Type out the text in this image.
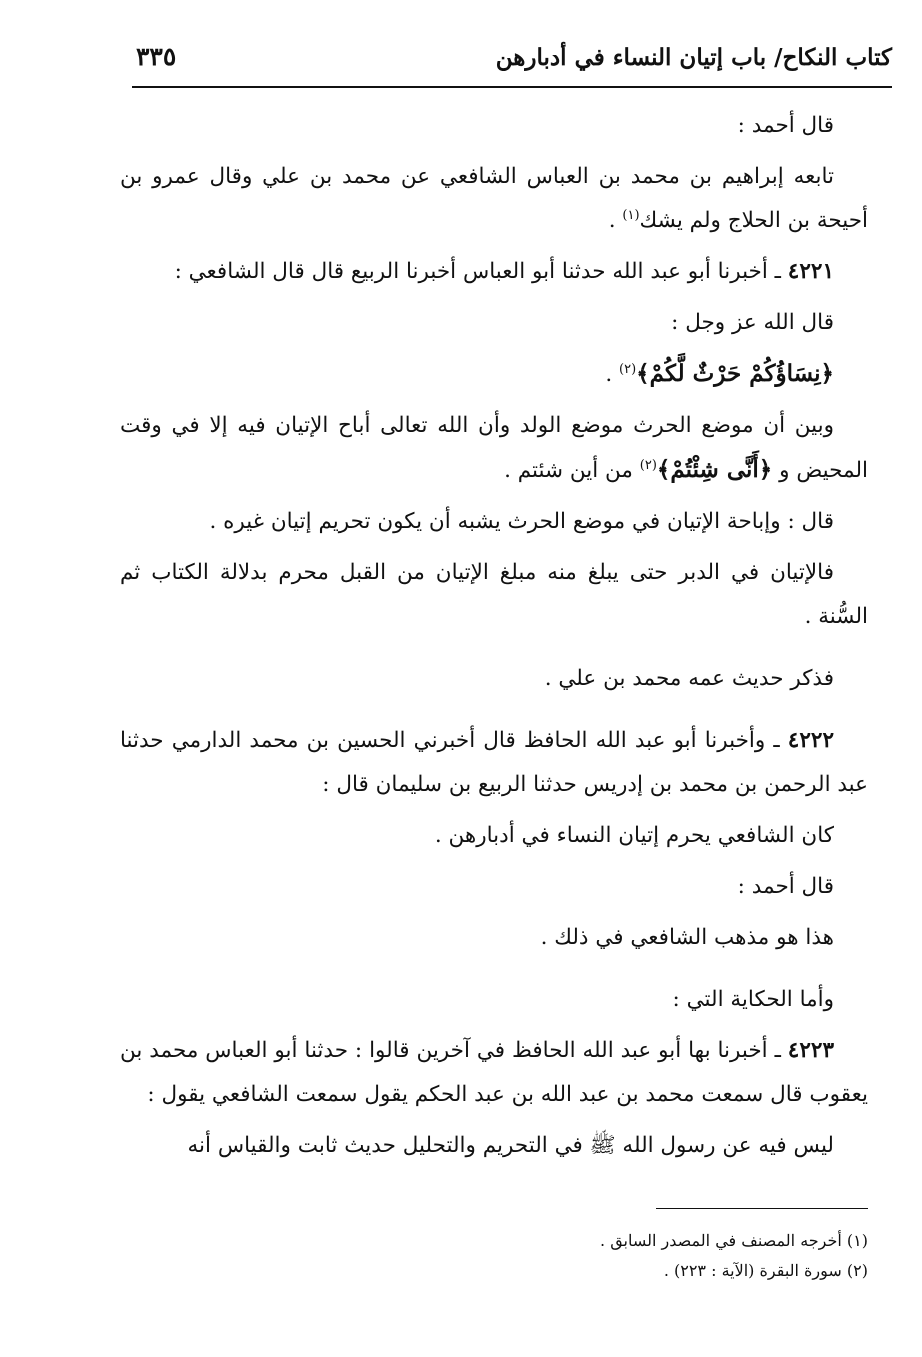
كتاب النكاح/ باب إتيان النساء في أدبارهن
٣٣٥

قال أحمد :

تابعه إبراهيم بن محمد بن العباس الشافعي عن محمد بن علي وقال عمرو بن أحيحة بن الحلاج ولم يشك$^{(١)}$ .

٤٢٢١ ـ أخبرنا أبو عبد الله حدثنا أبو العباس أخبرنا الربيع قال قال الشافعي :

قال الله عز وجل :

﴿نِسَاؤُكُمْ حَرْثٌ لَّكُمْ﴾$^{(٢)}$ .

وبين أن موضع الحرث موضع الولد وأن الله تعالى أباح الإتيان فيه إلا في وقت المحيض و ﴿أَنَّى شِئْتُمْ﴾$^{(٢)}$ من أين شئتم .

قال : وإباحة الإتيان في موضع الحرث يشبه أن يكون تحريم إتيان غيره .

فالإتيان في الدبر حتى يبلغ منه مبلغ الإتيان من القبل محرم بدلالة الكتاب ثم السُّنة .

فذكر حديث عمه محمد بن علي .

٤٢٢٢ ـ وأخبرنا أبو عبد الله الحافظ قال أخبرني الحسين بن محمد الدارمي حدثنا عبد الرحمن بن محمد بن إدريس حدثنا الربيع بن سليمان قال :

كان الشافعي يحرم إتيان النساء في أدبارهن .

قال أحمد :

هذا هو مذهب الشافعي في ذلك .

وأما الحكاية التي :

٤٢٢٣ ـ أخبرنا بها أبو عبد الله الحافظ في آخرين قالوا : حدثنا أبو العباس محمد بن يعقوب قال سمعت محمد بن عبد الله بن عبد الحكم يقول سمعت الشافعي يقول :

ليس فيه عن رسول الله ﷺ في التحريم والتحليل حديث ثابت والقياس أنه

(١) أخرجه المصنف في المصدر السابق .
(٢) سورة البقرة (الآية : ٢٢٣) .
